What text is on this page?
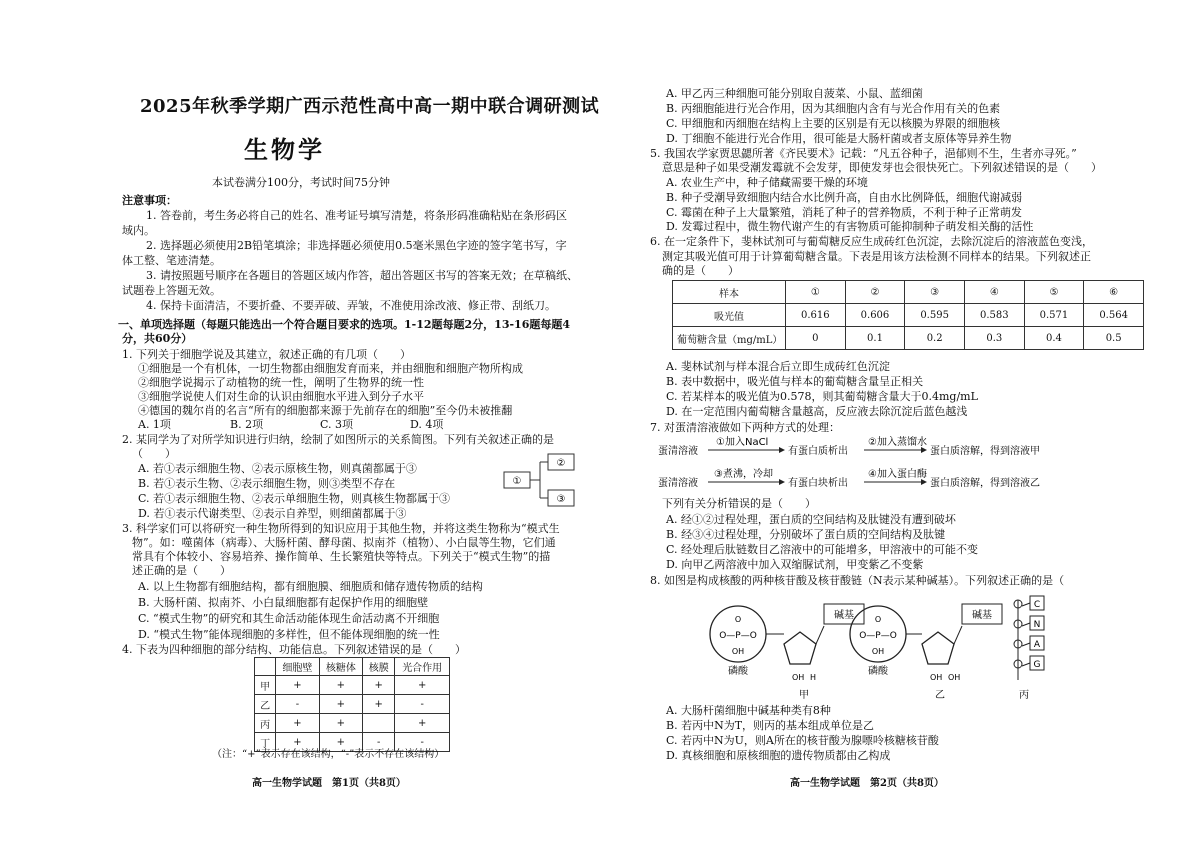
2025年秋季学期广西示范性高中高一期中联合调研测试
生物学
本试卷满分100分，考试时间75分钟
注意事项：
1. 答卷前，考生务必将自己的姓名、准考证号填写清楚，将条形码准确粘贴在条形码区
域内。
2. 选择题必须使用2B铅笔填涂；非选择题必须使用0.5毫米黑色字迹的签字笔书写，字
体工整、笔迹清楚。
3. 请按照题号顺序在各题目的答题区域内作答，超出答题区书写的答案无效；在草稿纸、
试题卷上答题无效。
4. 保持卡面清洁，不要折叠、不要弄破、弄皱，不准使用涂改液、修正带、刮纸刀。
一、单项选择题（每题只能选出一个符合题目要求的选项。1-12题每题2分，13-16题每题4
分，共60分）
1. 下列关于细胞学说及其建立，叙述正确的有几项（　　）
①细胞是一个有机体，一切生物都由细胞发育而来，并由细胞和细胞产物所构成
②细胞学说揭示了动植物的统一性，阐明了生物界的统一性
③细胞学说使人们对生命的认识由细胞水平进入到分子水平
④德国的魏尔肖的名言“所有的细胞都来源于先前存在的细胞”至今仍未被推翻
A. 1项	B. 2项	C. 3项	D. 4项
2. 某同学为了对所学知识进行归纳，绘制了如图所示的关系简图。下列有关叙述正确的是
（　　）
A. 若①表示细胞生物、②表示原核生物，则真菌都属于③
B. 若①表示生物、②表示细胞生物，则③类型不存在
C. 若①表示细胞生物、②表示单细胞生物，则真核生物都属于③
D. 若①表示代谢类型、②表示自养型，则细菌都属于③
①
②
③
3. 科学家们可以将研究一种生物所得到的知识应用于其他生物，并将这类生物称为“模式生
物”。如：噬菌体（病毒）、大肠杆菌、酵母菌、拟南芥（植物）、小白鼠等生物，它们通
常具有个体较小、容易培养、操作简单、生长繁殖快等特点。下列关于“模式生物”的描
述正确的是（　　）
A. 以上生物都有细胞结构，都有细胞膜、细胞质和储存遗传物质的结构
B. 大肠杆菌、拟南芥、小白鼠细胞都有起保护作用的细胞壁
C. “模式生物”的研究和其生命活动能体现生命活动离不开细胞
D. “模式生物”能体现细胞的多样性，但不能体现细胞的统一性
4. 下表为四种细胞的部分结构、功能信息。下列叙述错误的是（　　）
	细胞壁	核糖体	核膜	光合作用
甲	+	+	+	+
乙	-	+	+	-
丙	+	+		+
丁	+	+	-	-
（注：“+”表示存在该结构，“-”表示不存在该结构）
高一生物学试题　第1页（共8页）
A. 甲乙丙三种细胞可能分别取自菠菜、小鼠、蓝细菌
B. 丙细胞能进行光合作用，因为其细胞内含有与光合作用有关的色素
C. 甲细胞和丙细胞在结构上主要的区别是有无以核膜为界限的细胞核
D. 丁细胞不能进行光合作用，很可能是大肠杆菌或者支原体等异养生物
5. 我国农学家贾思勰所著《齐民要术》记载：“凡五谷种子，浥郁则不生，生者亦寻死。”
意思是种子如果受潮发霉就不会发芽，即使发芽也会很快死亡。下列叙述错误的是（　　）
A. 农业生产中，种子储藏需要干燥的环境
B. 种子受潮导致细胞内结合水比例升高，自由水比例降低，细胞代谢减弱
C. 霉菌在种子上大量繁殖，消耗了种子的营养物质，不利于种子正常萌发
D. 发霉过程中，微生物代谢产生的有害物质可能抑制种子萌发相关酶的活性
6. 在一定条件下，斐林试剂可与葡萄糖反应生成砖红色沉淀，去除沉淀后的溶液蓝色变浅，
测定其吸光值可用于计算葡萄糖含量。下表是用该方法检测不同样本的结果。下列叙述正
确的是（　　）
样本	①	②	③	④	⑤	⑥
吸光值	0.616	0.606	0.595	0.583	0.571	0.564
葡萄糖含量（mg/mL）	0	0.1	0.2	0.3	0.4	0.5
A. 斐林试剂与样本混合后立即生成砖红色沉淀
B. 表中数据中，吸光值与样本的葡萄糖含量呈正相关
C. 若某样本的吸光值为0.578，则其葡萄糖含量大于0.4mg/mL
D. 在一定范围内葡萄糖含量越高，反应液去除沉淀后蓝色越浅
7. 对蛋清溶液做如下两种方式的处理：
蛋清溶液
①加入NaCl
有蛋白质析出
②加入蒸馏水
蛋白质溶解，得到溶液甲
蛋清溶液
③煮沸，冷却
有蛋白块析出
④加入蛋白酶
蛋白质溶解，得到溶液乙
下列有关分析错误的是（　　）
A. 经①②过程处理，蛋白质的空间结构及肽键没有遭到破坏
B. 经③④过程处理，分别破坏了蛋白质的空间结构及肽键
C. 经处理后肽链数目乙溶液中的可能增多，甲溶液中的可能不变
D. 向甲乙两溶液中加入双缩脲试剂，甲变紫乙不变紫
8. 如图是构成核酸的两种核苷酸及核苷酸链（N表示某种碱基）。下列叙述正确的是（
O—P—O
O
OH
碱基
OH H
磷酸
甲
O—P—O
O
OH
碱基
OH OH
磷酸
乙
C
N
A
G
丙
A. 大肠杆菌细胞中碱基种类有8种
B. 若丙中N为T，则丙的基本组成单位是乙
C. 若丙中N为U，则A所在的核苷酸为腺嘌呤核糖核苷酸
D. 真核细胞和原核细胞的遗传物质都由乙构成
高一生物学试题　第2页（共8页）
